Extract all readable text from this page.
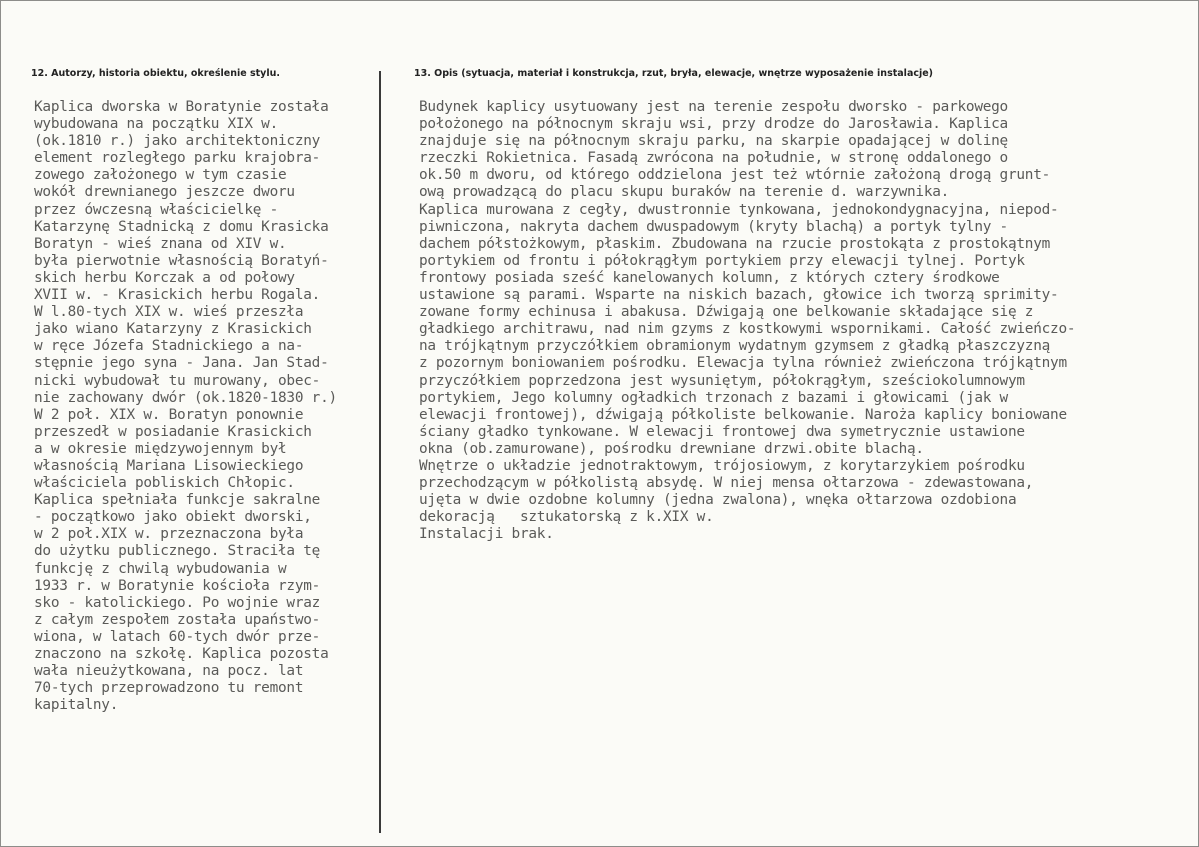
12. Autorzy, historia obiektu, określenie stylu.	13. Opis (sytuacja, materiał i konstrukcja, rzut, bryła, elewacje, wnętrze wyposażenie instalacje)
Kaplica dworska w Boratynie została
wybudowana na początku XIX w.
(ok.1810 r.) jako architektoniczny
element rozległego parku krajobra-
zowego założonego w tym czasie
wokół drewnianego jeszcze dworu
przez ówczesną właścicielkę -
Katarzynę Stadnicką z domu Krasicka
Boratyn - wieś znana od XIV w.
była pierwotnie własnością Boratyń-
skich herbu Korczak a od połowy
XVII w. - Krasickich herbu Rogala.
W l.80-tych XIX w. wieś przeszła
jako wiano Katarzyny z Krasickich
w ręce Józefa Stadnickiego a na-
stępnie jego syna - Jana. Jan Stad-
nicki wybudował tu murowany, obec-
nie zachowany dwór (ok.1820-1830 r.)
W 2 poł. XIX w. Boratyn ponownie
przeszedł w posiadanie Krasickich
a w okresie międzywojennym był
własnością Mariana Lisowieckiego
właściciela pobliskich Chłopic.
Kaplica spełniała funkcje sakralne
- początkowo jako obiekt dworski,
w 2 poł.XIX w. przeznaczona była
do użytku publicznego. Straciła tę
funkcję z chwilą wybudowania w
1933 r. w Boratynie kościoła rzym-
sko - katolickiego. Po wojnie wraz
z całym zespołem została upaństwo-
wiona, w latach 60-tych dwór prze-
znaczono na szkołę. Kaplica pozosta
wała nieużytkowana, na pocz. lat
70-tych przeprowadzono tu remont
kapitalny.
Budynek kaplicy usytuowany jest na terenie zespołu dworsko - parkowego
położonego na północnym skraju wsi, przy drodze do Jarosławia. Kaplica
znajduje się na północnym skraju parku, na skarpie opadającej w dolinę
rzeczki Rokietnica. Fasadą zwrócona na południe, w stronę oddalonego o
ok.50 m dworu, od którego oddzielona jest też wtórnie założoną drogą grunt-
ową prowadzącą do placu skupu buraków na terenie d. warzywnika.
Kaplica murowana z cegły, dwustronnie tynkowana, jednokondygnacyjna, niepod-
piwniczona, nakryta dachem dwuspadowym (kryty blachą) a portyk tylny -
dachem półstożkowym, płaskim. Zbudowana na rzucie prostokąta z prostokątnym
portykiem od frontu i półokrągłym portykiem przy elewacji tylnej. Portyk
frontowy posiada sześć kanelowanych kolumn, z których cztery środkowe
ustawione są parami. Wsparte na niskich bazach, głowice ich tworzą sprimity-
zowane formy echinusa i abakusa. Dźwigają one belkowanie składające się z
gładkiego architrawu, nad nim gzyms z kostkowymi wspornikami. Całość zwieńczo-
na trójkątnym przyczółkiem obramionym wydatnym gzymsem z gładką płaszczyzną
z pozornym boniowaniem pośrodku. Elewacja tylna również zwieńczona trójkątnym
przyczółkiem poprzedzona jest wysuniętym, półokrągłym, sześciokolumnowym
portykiem, Jego kolumny ogładkich trzonach z bazami i głowicami (jak w
elewacji frontowej), dźwigają półkoliste belkowanie. Naroża kaplicy boniowane
ściany gładko tynkowane. W elewacji frontowej dwa symetrycznie ustawione
okna (ob.zamurowane), pośrodku drewniane drzwi.obite blachą.
Wnętrze o układzie jednotraktowym, trójosiowym, z korytarzykiem pośrodku
przechodzącym w półkolistą absydę. W niej mensa ołtarzowa - zdewastowana,
ujęta w dwie ozdobne kolumny (jedna zwalona), wnęka ołtarzowa ozdobiona
dekoracją   sztukatorską z k.XIX w.
Instalacji brak.
